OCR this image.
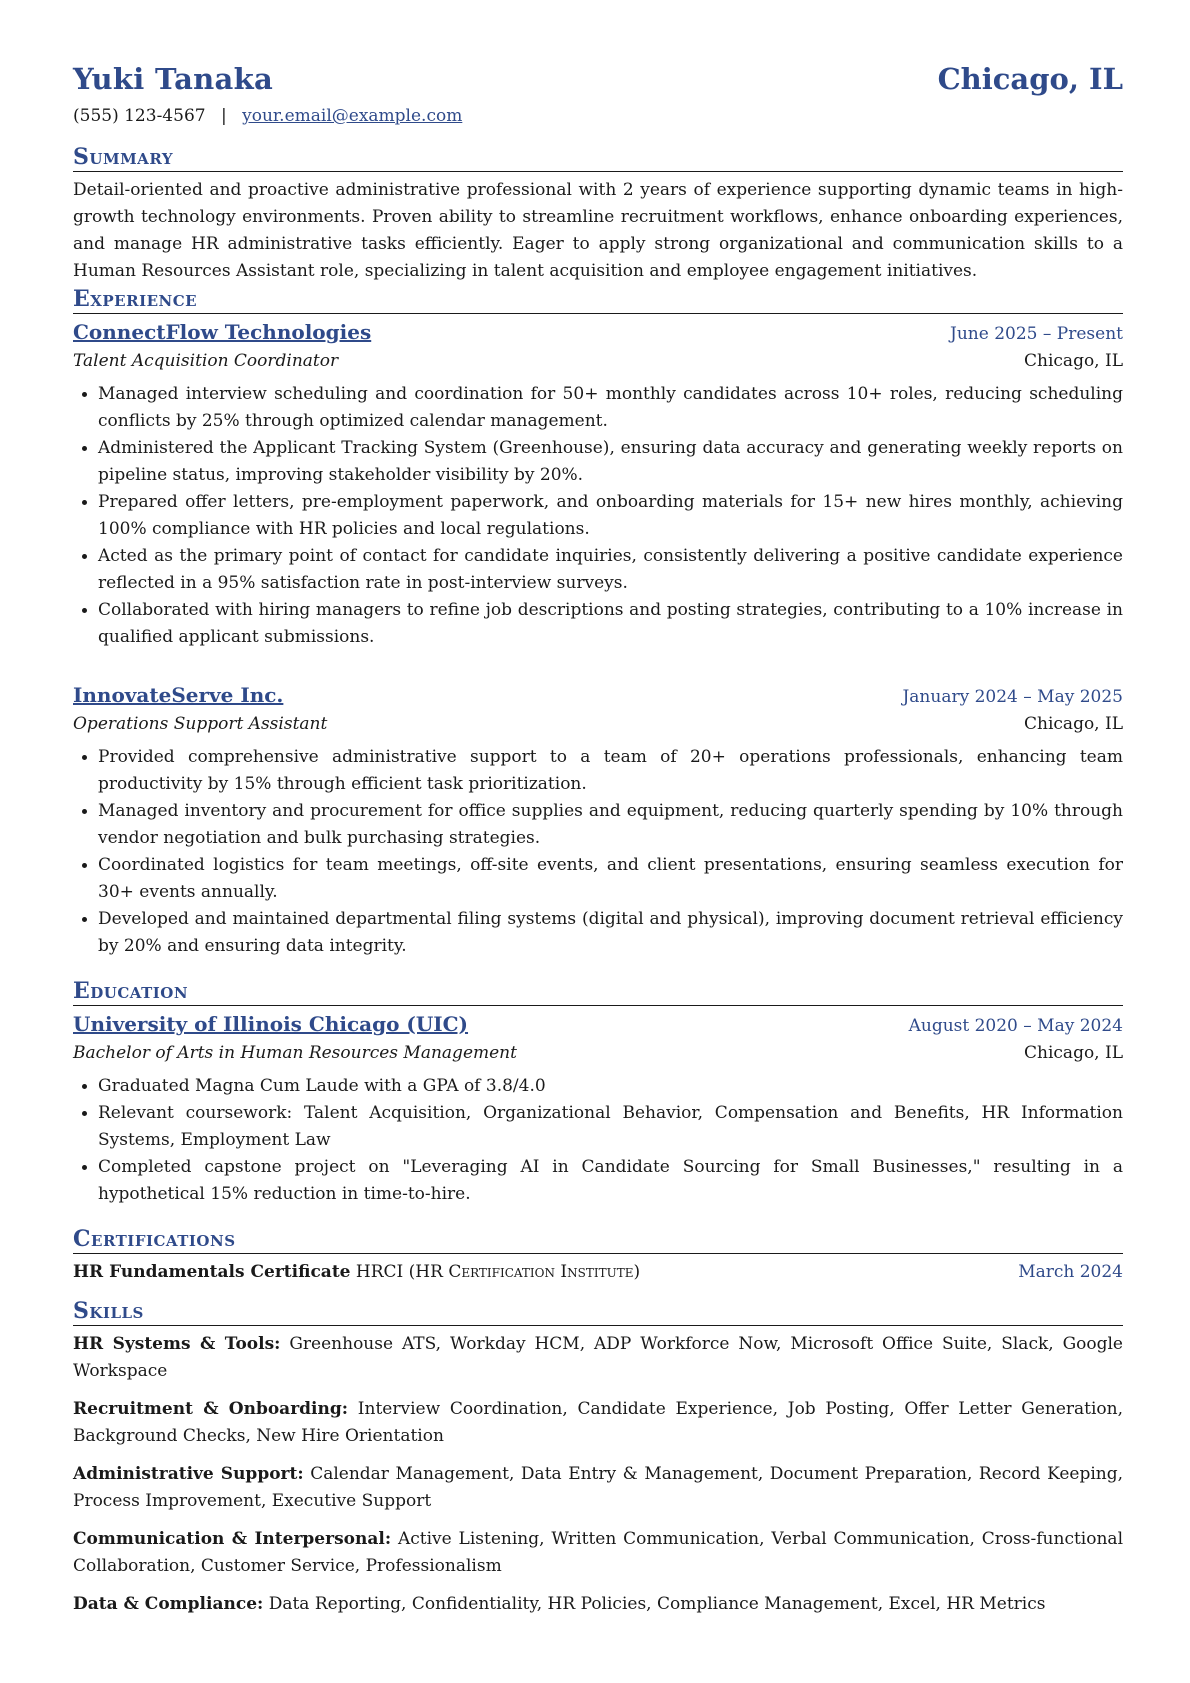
Yuki Tanaka	Chicago, IL
(555) 123-4567 | your.email@example.com
Summary
Detail-oriented and proactive administrative professional with 2 years of experience supporting dynamic teams in high-growth technology environments. Proven ability to streamline recruitment workflows, enhance onboarding experiences, and manage HR administrative tasks efficiently. Eager to apply strong organizational and communication skills to a Human Resources Assistant role, specializing in talent acquisition and employee engagement initiatives.
Experience
ConnectFlow Technologies	June 2025 – Present
Talent Acquisition Coordinator	Chicago, IL
• Managed interview scheduling and coordination for 50+ monthly candidates across 10+ roles, reducing scheduling conflicts by 25% through optimized calendar management.
• Administered the Applicant Tracking System (Greenhouse), ensuring data accuracy and generating weekly reports on pipeline status, improving stakeholder visibility by 20%.
• Prepared offer letters, pre-employment paperwork, and onboarding materials for 15+ new hires monthly, achieving 100% compliance with HR policies and local regulations.
• Acted as the primary point of contact for candidate inquiries, consistently delivering a positive candidate experience reflected in a 95% satisfaction rate in post-interview surveys.
• Collaborated with hiring managers to refine job descriptions and posting strategies, contributing to a 10% increase in qualified applicant submissions.
InnovateServe Inc.	January 2024 – May 2025
Operations Support Assistant	Chicago, IL
• Provided comprehensive administrative support to a team of 20+ operations professionals, enhancing team productivity by 15% through efficient task prioritization.
• Managed inventory and procurement for office supplies and equipment, reducing quarterly spending by 10% through vendor negotiation and bulk purchasing strategies.
• Coordinated logistics for team meetings, off-site events, and client presentations, ensuring seamless execution for 30+ events annually.
• Developed and maintained departmental filing systems (digital and physical), improving document retrieval efficiency by 20% and ensuring data integrity.
Education
University of Illinois Chicago (UIC)	August 2020 – May 2024
Bachelor of Arts in Human Resources Management	Chicago, IL
• Graduated Magna Cum Laude with a GPA of 3.8/4.0
• Relevant coursework: Talent Acquisition, Organizational Behavior, Compensation and Benefits, HR Information Systems, Employment Law
• Completed capstone project on "Leveraging AI in Candidate Sourcing for Small Businesses," resulting in a hypothetical 15% reduction in time-to-hire.
Certifications
HR Fundamentals Certificate HRCI (HR Certification Institute)	March 2024
Skills
HR Systems & Tools: Greenhouse ATS, Workday HCM, ADP Workforce Now, Microsoft Office Suite, Slack, Google Workspace
Recruitment & Onboarding: Interview Coordination, Candidate Experience, Job Posting, Offer Letter Generation, Background Checks, New Hire Orientation
Administrative Support: Calendar Management, Data Entry & Management, Document Preparation, Record Keeping, Process Improvement, Executive Support
Communication & Interpersonal: Active Listening, Written Communication, Verbal Communication, Cross-functional Collaboration, Customer Service, Professionalism
Data & Compliance: Data Reporting, Confidentiality, HR Policies, Compliance Management, Excel, HR Metrics
